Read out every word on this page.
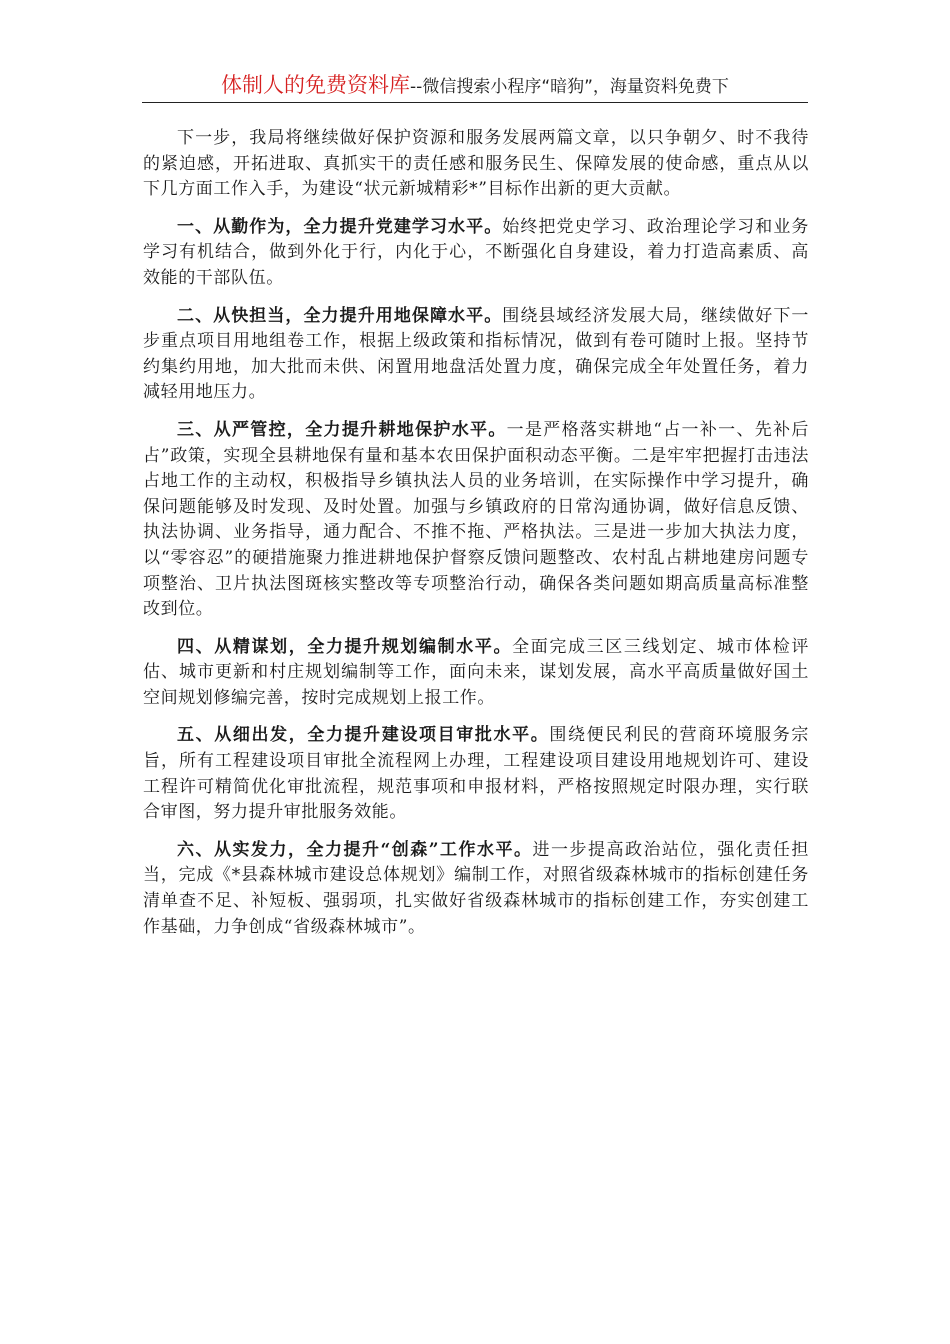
体制人的免费资料库--微信搜索小程序“暗狗”，海量资料免费下

下一步，我局将继续做好保护资源和服务发展两篇文章，以只争朝夕、时不我待的紧迫感，开拓进取、真抓实干的责任感和服务民生、保障发展的使命感，重点从以下几方面工作入手，为建设“状元新城精彩*”目标作出新的更大贡献。

一、从勤作为，全力提升党建学习水平。始终把党史学习、政治理论学习和业务学习有机结合，做到外化于行，内化于心，不断强化自身建设，着力打造高素质、高效能的干部队伍。

二、从快担当，全力提升用地保障水平。围绕县域经济发展大局，继续做好下一步重点项目用地组卷工作，根据上级政策和指标情况，做到有卷可随时上报。坚持节约集约用地，加大批而未供、闲置用地盘活处置力度，确保完成全年处置任务，着力减轻用地压力。

三、从严管控，全力提升耕地保护水平。一是严格落实耕地“占一补一、先补后占”政策，实现全县耕地保有量和基本农田保护面积动态平衡。二是牢牢把握打击违法占地工作的主动权，积极指导乡镇执法人员的业务培训，在实际操作中学习提升，确保问题能够及时发现、及时处置。加强与乡镇政府的日常沟通协调，做好信息反馈、执法协调、业务指导，通力配合、不推不拖、严格执法。三是进一步加大执法力度，以“零容忍”的硬措施聚力推进耕地保护督察反馈问题整改、农村乱占耕地建房问题专项整治、卫片执法图斑核实整改等专项整治行动，确保各类问题如期高质量高标准整改到位。

四、从精谋划，全力提升规划编制水平。全面完成三区三线划定、城市体检评估、城市更新和村庄规划编制等工作，面向未来，谋划发展，高水平高质量做好国土空间规划修编完善，按时完成规划上报工作。

五、从细出发，全力提升建设项目审批水平。围绕便民利民的营商环境服务宗旨，所有工程建设项目审批全流程网上办理，工程建设项目建设用地规划许可、建设工程许可精简优化审批流程，规范事项和申报材料，严格按照规定时限办理，实行联合审图，努力提升审批服务效能。

六、从实发力，全力提升“创森”工作水平。进一步提高政治站位，强化责任担当，完成《*县森林城市建设总体规划》编制工作，对照省级森林城市的指标创建任务清单查不足、补短板、强弱项，扎实做好省级森林城市的指标创建工作，夯实创建工作基础，力争创成“省级森林城市”。
